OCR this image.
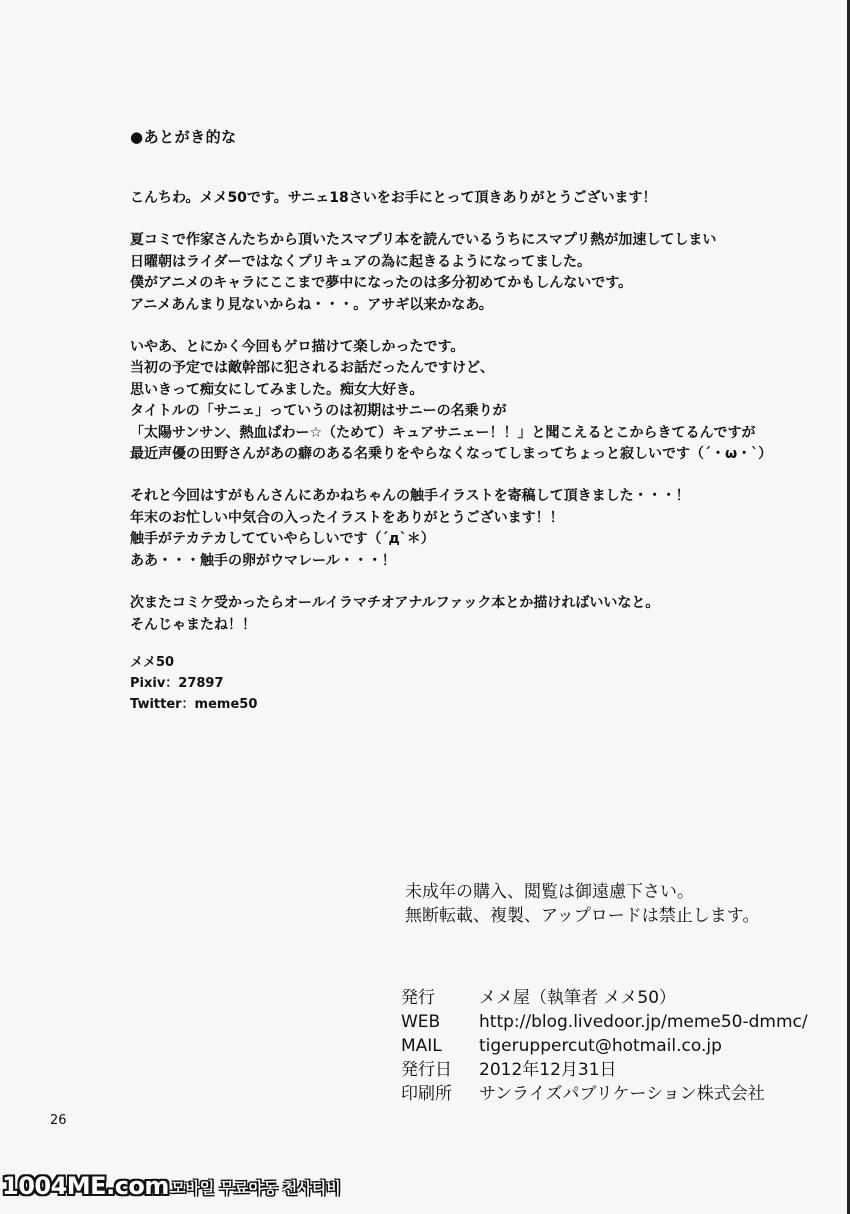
●あとがき的な
こんちわ。メメ50です。サニェ18さいをお手にとって頂きありがとうございます！
夏コミで作家さんたちから頂いたスマプリ本を読んでいるうちにスマプリ熱が加速してしまい
日曜朝はライダーではなくプリキュアの為に起きるようになってました。
僕がアニメのキャラにここまで夢中になったのは多分初めてかもしんないです。
アニメあんまり見ないからね・・・。アサギ以来かなあ。
いやあ、とにかく今回もゲロ描けて楽しかったです。
当初の予定では敵幹部に犯されるお話だったんですけど、
思いきって痴女にしてみました。痴女大好き。
タイトルの「サニェ」っていうのは初期はサニーの名乗りが
「太陽サンサン、熱血ぱわー☆（ためて）キュアサニェー！！」と聞こえるとこからきてるんですが
最近声優の田野さんがあの癖のある名乗りをやらなくなってしまってちょっと寂しいです（´・ω・`）
それと今回はすがもんさんにあかねちゃんの触手イラストを寄稿して頂きました・・・！
年末のお忙しい中気合の入ったイラストをありがとうございます！！
触手がテカテカしてていやらしいです（´д`＊）
ああ・・・触手の卵がウマレール・・・！
次またコミケ受かったらオールイラマチオアナルファック本とか描ければいいなと。
そんじゃまたね！！
メメ50
Pixiv：27897
Twitter：meme50
未成年の購入、閲覧は御遠慮下さい。
無断転載、複製、アップロードは禁止します。
発行	メメ屋（執筆者 メメ50）
WEB	http://blog.livedoor.jp/meme50-dmmc/
MAIL	tigeruppercut@hotmail.co.jp
発行日	2012年12月31日
印刷所	サンライズパブリケーション株式会社
26
1004ME.com 모바일 무료야동 천사티비
